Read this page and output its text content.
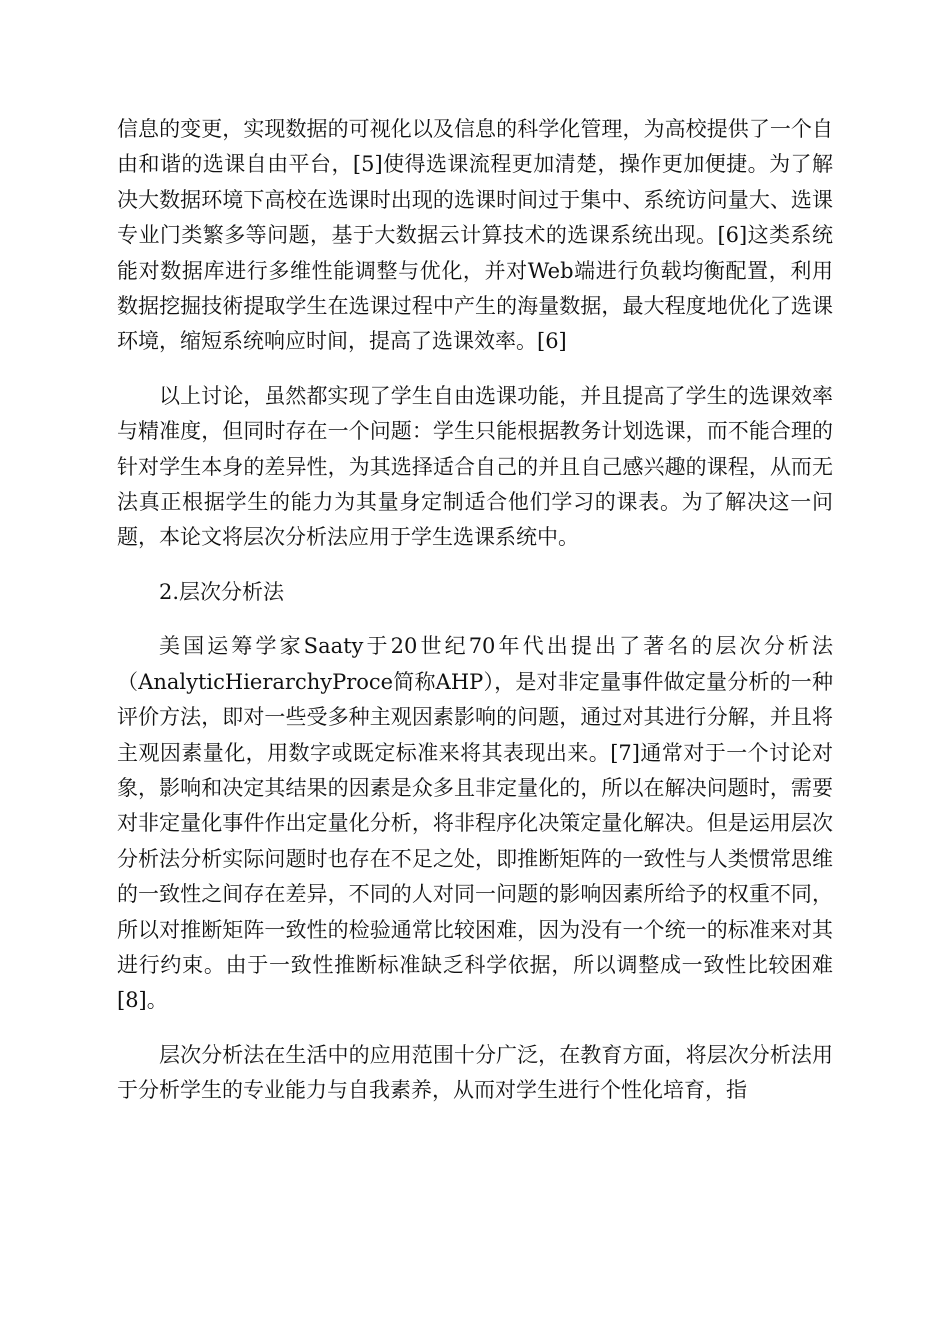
信息的变更，实现数据的可视化以及信息的科学化管理，为高校提供了一个自由和谐的选课自由平台，[5]使得选课流程更加清楚，操作更加便捷。为了解决大数据环境下高校在选课时出现的选课时间过于集中、系统访问量大、选课专业门类繁多等问题，基于大数据云计算技术的选课系统出现。[6]这类系统能对数据库进行多维性能调整与优化，并对Web端进行负载均衡配置，利用数据挖掘技術提取学生在选课过程中产生的海量数据，最大程度地优化了选课环境，缩短系统响应时间，提高了选课效率。[6]

以上讨论，虽然都实现了学生自由选课功能，并且提高了学生的选课效率与精准度，但同时存在一个问题：学生只能根据教务计划选课，而不能合理的针对学生本身的差异性，为其选择适合自己的并且自己感兴趣的课程，从而无法真正根据学生的能力为其量身定制适合他们学习的课表。为了解决这一问题，本论文将层次分析法应用于学生选课系统中。

2.层次分析法

美国运筹学家Saaty于20世纪70年代出提出了著名的层次分析法（AnalyticHierarchyProce简称AHP），是对非定量事件做定量分析的一种评价方法，即对一些受多种主观因素影响的问题，通过对其进行分解，并且将主观因素量化，用数字或既定标准来将其表现出来。[7]通常对于一个讨论对象，影响和决定其结果的因素是众多且非定量化的，所以在解决问题时，需要对非定量化事件作出定量化分析，将非程序化决策定量化解决。但是运用层次分析法分析实际问题时也存在不足之处，即推断矩阵的一致性与人类惯常思维的一致性之间存在差异，不同的人对同一问题的影响因素所给予的权重不同，所以对推断矩阵一致性的检验通常比较困难，因为没有一个统一的标准来对其进行约束。由于一致性推断标准缺乏科学依据，所以调整成一致性比较困难[8]。

层次分析法在生活中的应用范围十分广泛，在教育方面，将层次分析法用于分析学生的专业能力与自我素养，从而对学生进行个性化培育，指
